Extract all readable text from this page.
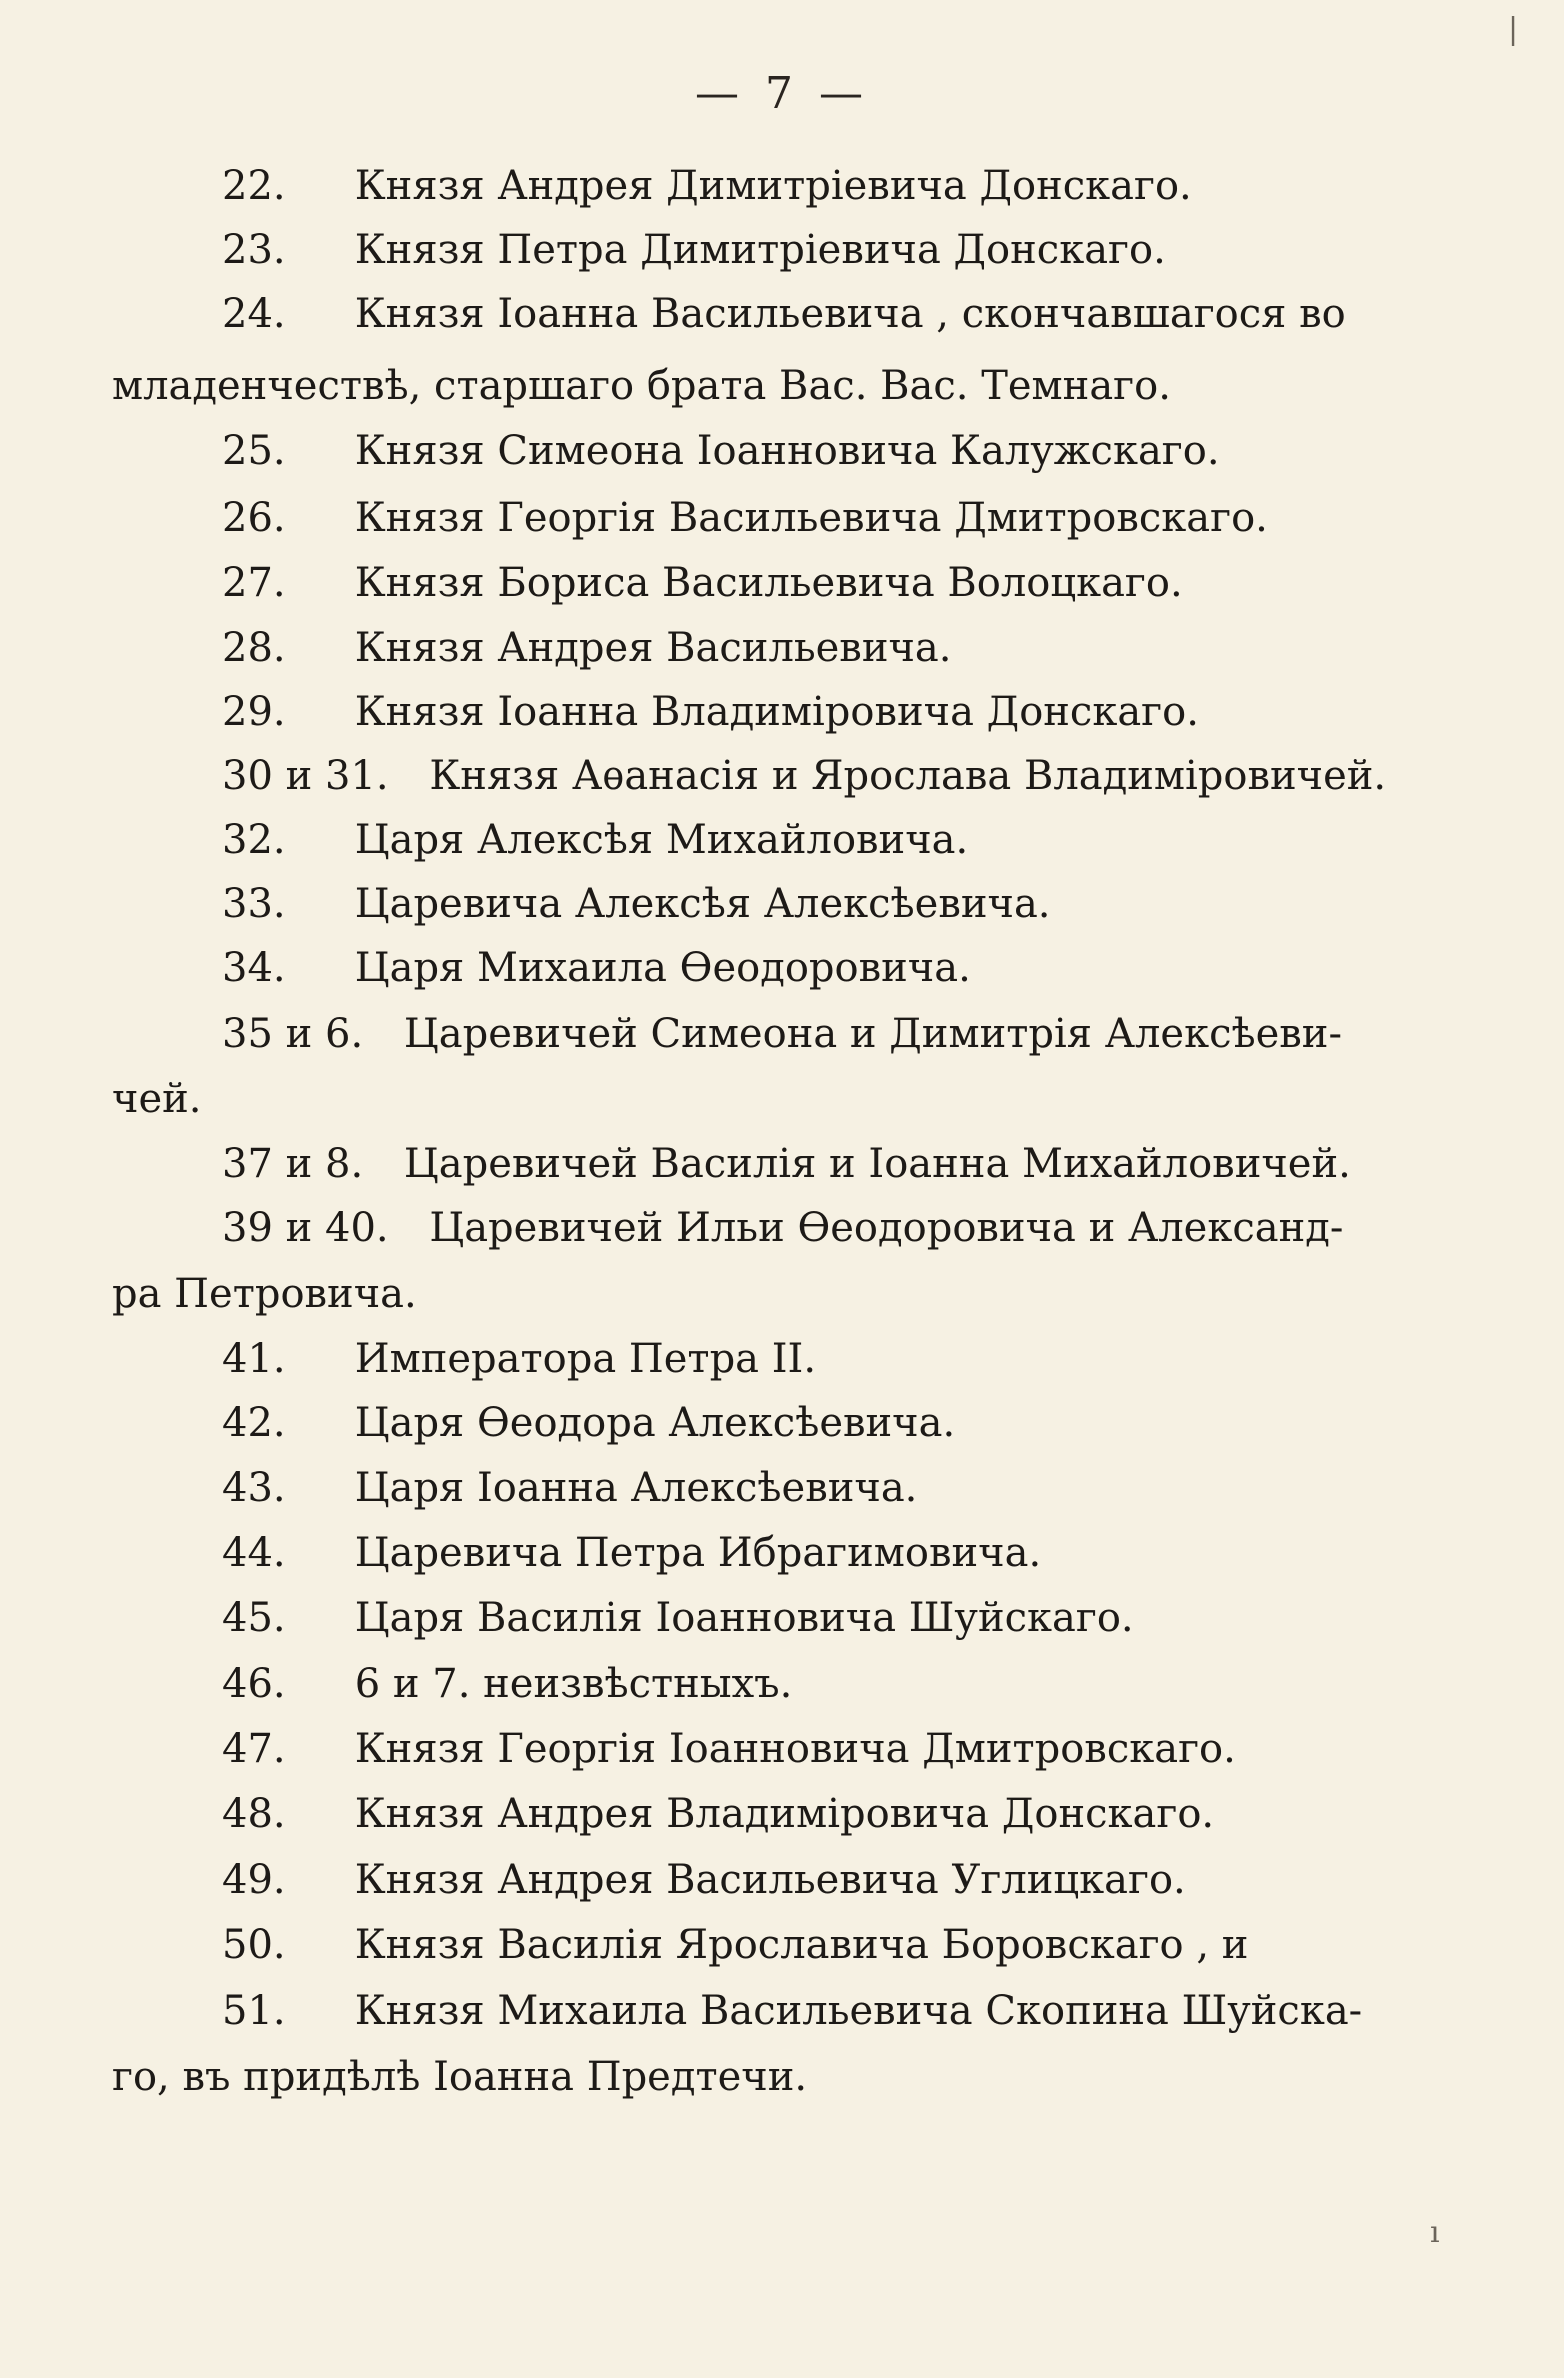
— 7 —
22. Князя Андрея Димитріевича Донскаго.
23. Князя Петра Димитріевича Донскаго.
24. Князя Іоанна Васильевича , скончавшагося во
младенчествѣ, старшаго брата Вас. Вас. Темнаго.
25. Князя Симеона Іоанновича Калужскаго.
26. Князя Георгія Васильевича Дмитровскаго.
27. Князя Бориса Васильевича Волоцкаго.
28. Князя Андрея Васильевича.
29. Князя Іоанна Владиміровича Донскаго.
30 и 31. Князя Аѳанасія и Ярослава Владиміровичей.
32. Царя Алексѣя Михайловича.
33. Царевича Алексѣя Алексѣевича.
34. Царя Михаила Ѳеодоровича.
35 и 6. Царевичей Симеона и Димитрія Алексѣеви-
чей.
37 и 8. Царевичей Василія и Іоанна Михайловичей.
39 и 40. Царевичей Ильи Ѳеодоровича и Александ-
ра Петровича.
41. Императора Петра II.
42. Царя Ѳеодора Алексѣевича.
43. Царя Іоанна Алексѣевича.
44. Царевича Петра Ибрагимовича.
45. Царя Василія Іоанновича Шуйскаго.
46. 6 и 7. неизвѣстныхъ.
47. Князя Георгія Іоанновича Дмитровскаго.
48. Князя Андрея Владиміровича Донскаго.
49. Князя Андрея Васильевича Углицкаго.
50. Князя Василія Ярославича Боровскаго , и
51. Князя Михаила Васильевича Скопина Шуйска-
го, въ придѣлѣ Іоанна Предтечи.
|
ı
